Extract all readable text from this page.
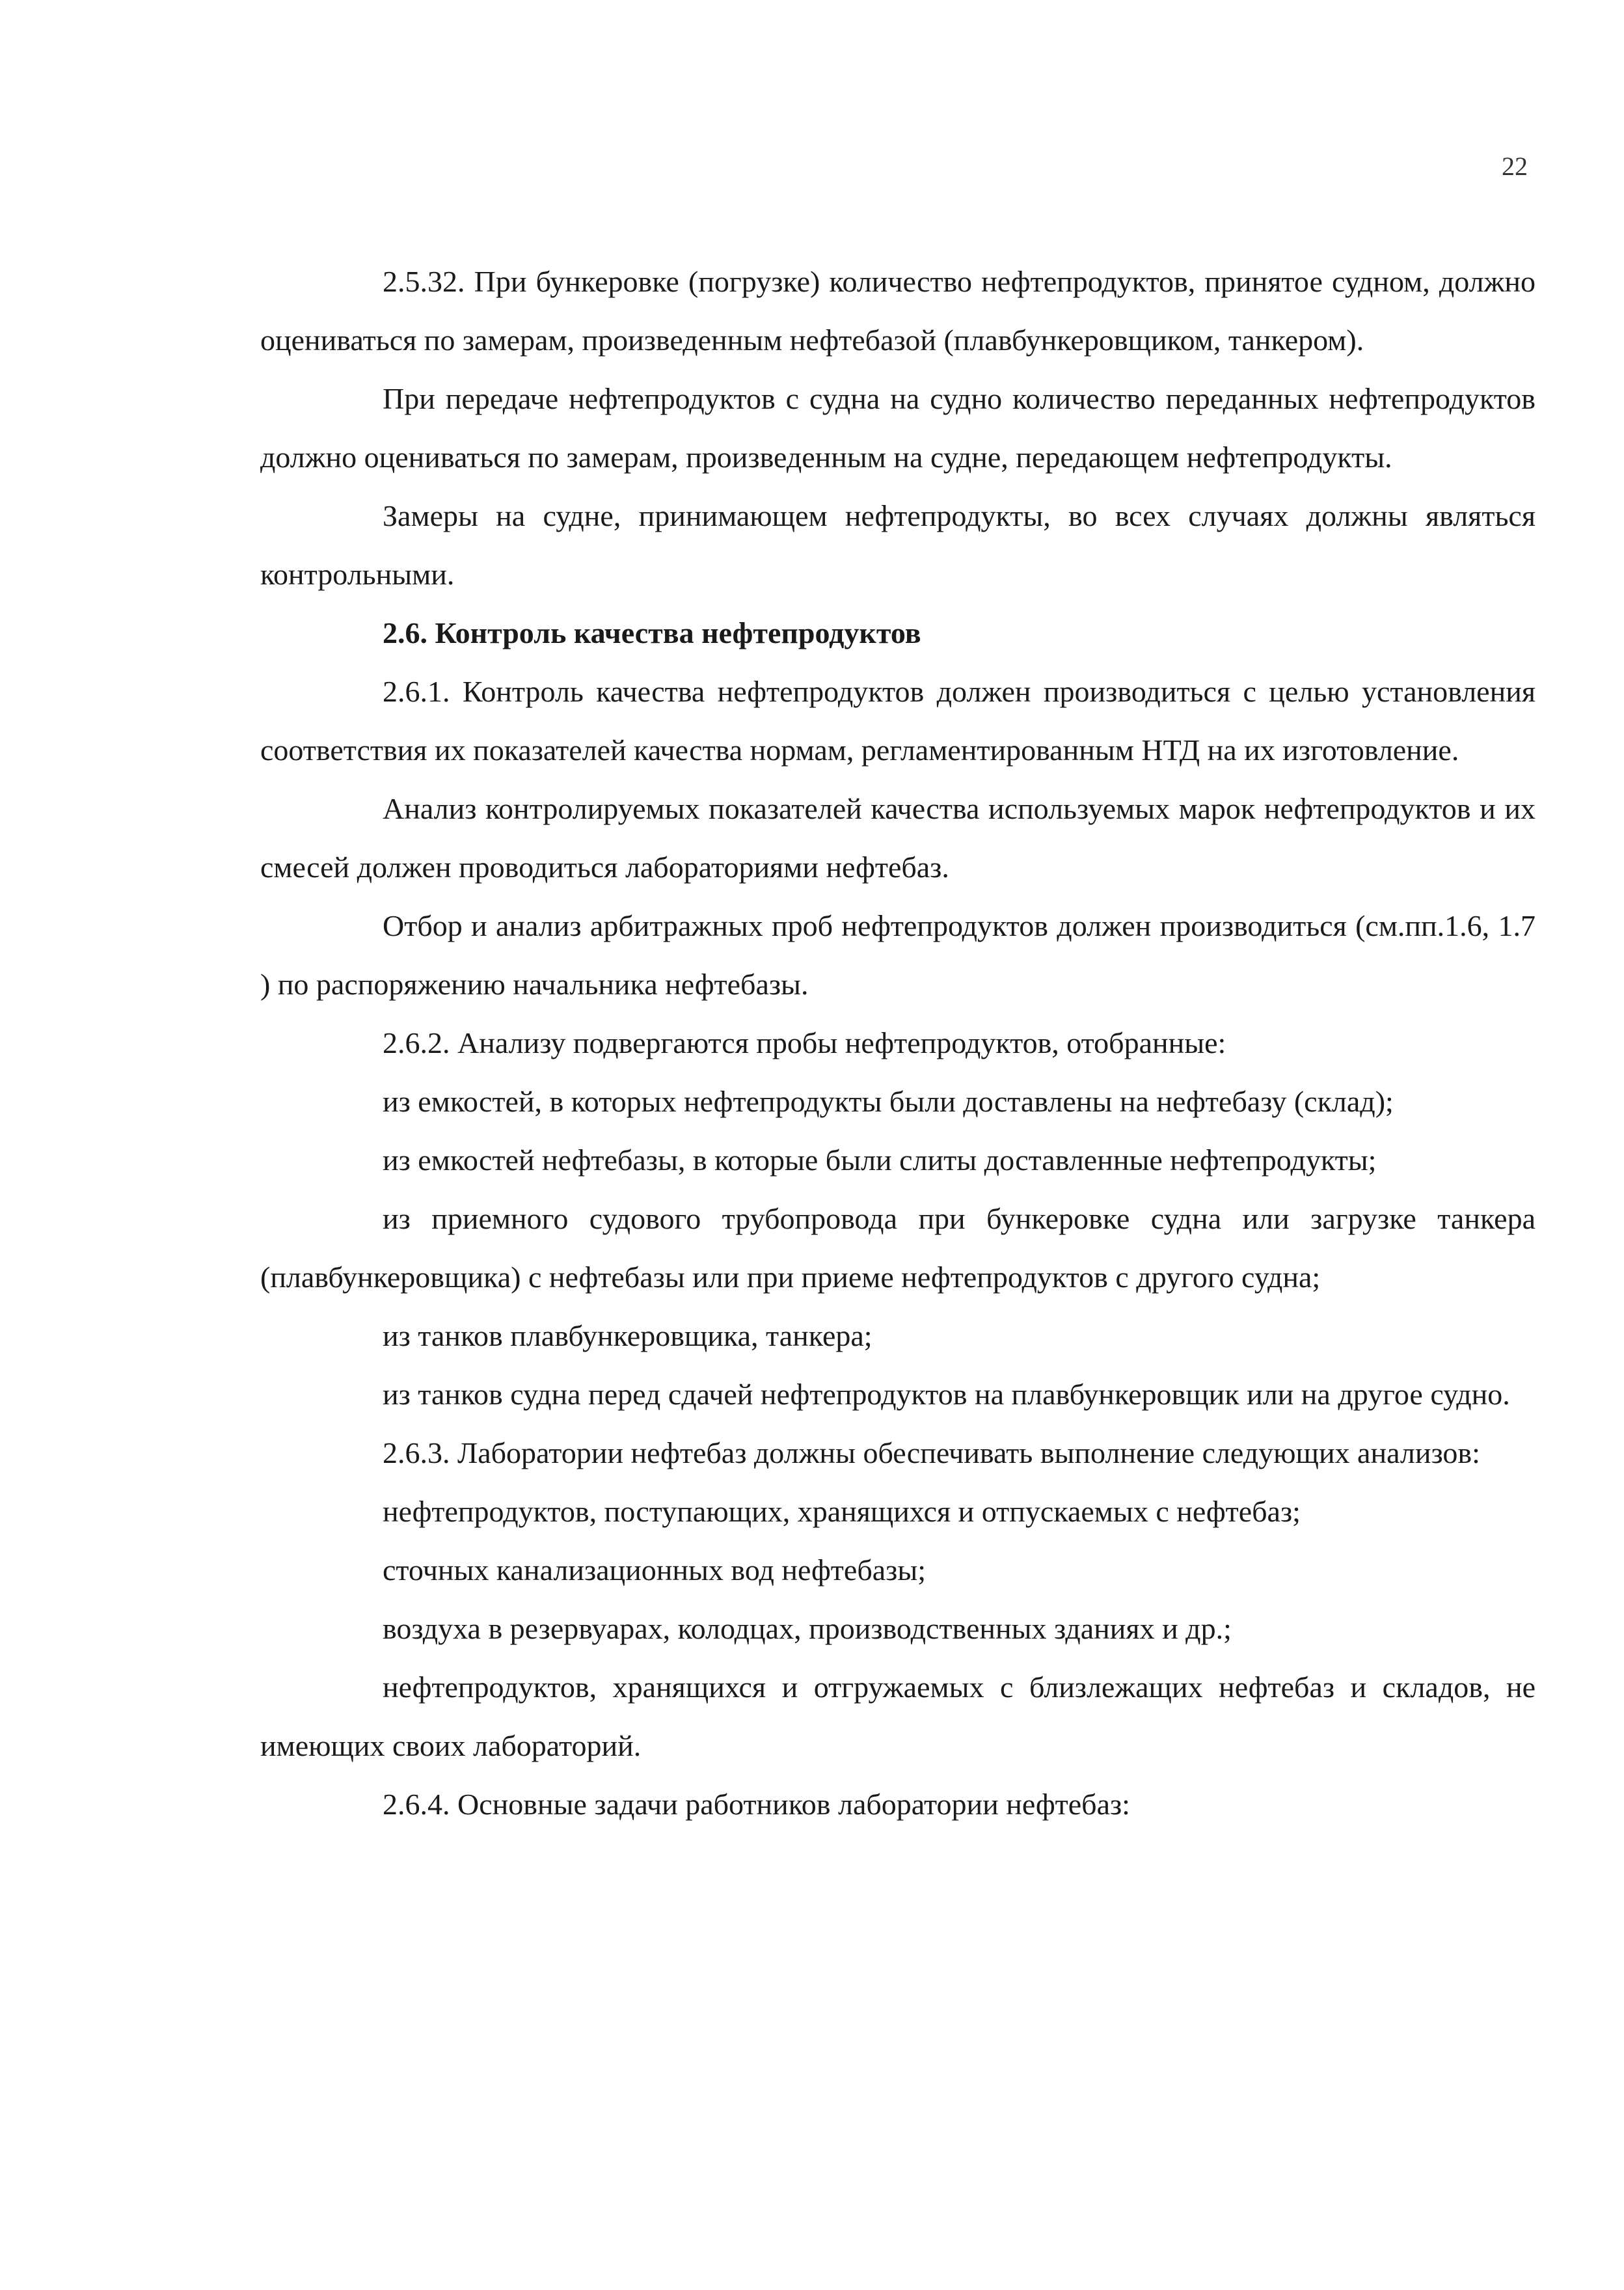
22

2.5.32. При бункеровке (погрузке) количество нефтепродуктов, принятое судном, должно оцениваться по замерам, произведенным нефтебазой (плавбункеровщиком, танкером).

При передаче нефтепродуктов с судна на судно количество переданных нефтепродуктов должно оцениваться по замерам, произведенным на судне, передающем нефтепродукты.

Замеры на судне, принимающем нефтепродукты, во всех случаях должны являться контрольными.

2.6. Контроль качества нефтепродуктов

2.6.1. Контроль качества нефтепродуктов должен производиться с целью установления соответствия их показателей качества нормам, регламентированным НТД на их изготовление.

Анализ контролируемых показателей качества используемых марок нефтепродуктов и их смесей должен проводиться лабораториями нефтебаз.

Отбор и анализ арбитражных проб нефтепродуктов должен производиться (см.пп.1.6, 1.7 ) по распоряжению начальника нефтебазы.

2.6.2. Анализу подвергаются пробы нефтепродуктов, отобранные:

из емкостей, в которых нефтепродукты были доставлены на нефтебазу (склад);

из емкостей нефтебазы, в которые были слиты доставленные нефтепродукты;

из приемного судового трубопровода при бункеровке судна или загрузке танкера (плавбункеровщика) с нефтебазы или при приеме нефтепродуктов с другого судна;

из танков плавбункеровщика, танкера;

из танков судна перед сдачей нефтепродуктов на плавбункеровщик или на другое судно.

2.6.3. Лаборатории нефтебаз должны обеспечивать выполнение следующих анализов:

нефтепродуктов, поступающих, хранящихся и отпускаемых с нефтебаз;

сточных канализационных вод нефтебазы;

воздуха в резервуарах, колодцах, производственных зданиях и др.;

нефтепродуктов, хранящихся и отгружаемых с близлежащих нефтебаз и складов, не имеющих своих лабораторий.

2.6.4. Основные задачи работников лаборатории нефтебаз:
